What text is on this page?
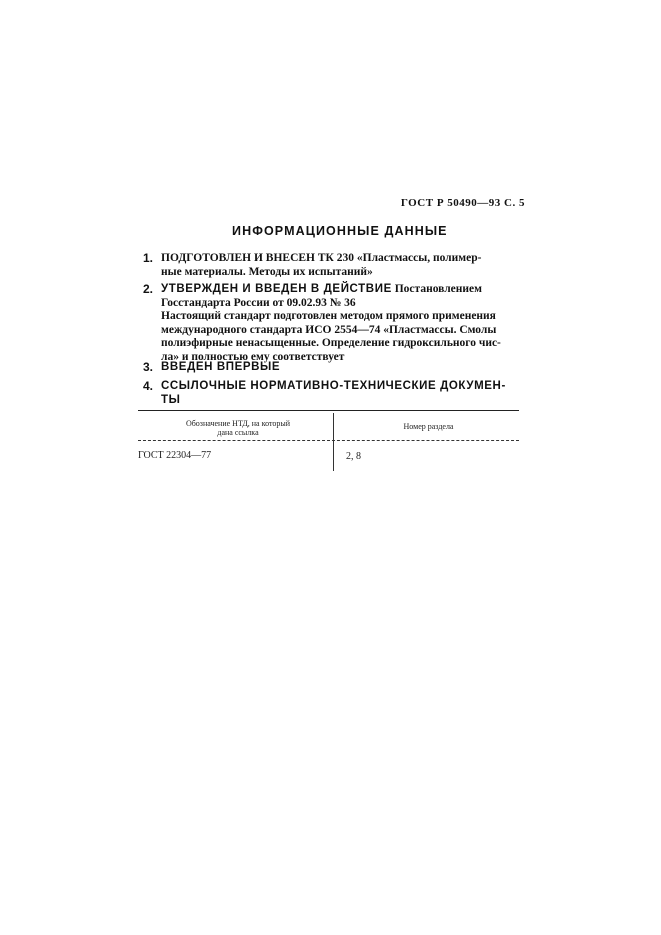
ГОСТ Р 50490—93 С. 5
ИНФОРМАЦИОННЫЕ ДАННЫЕ
1. ПОДГОТОВЛЕН И ВНЕСЕН ТК 230 «Пластмассы, полимер-
ные материалы. Методы их испытаний»
2. УТВЕРЖДЕН И ВВЕДЕН В ДЕЙСТВИЕ Постановлением
Госстандарта России от 09.02.93 № 36
Настоящий стандарт подготовлен методом прямого применения
международного стандарта ИСО 2554—74 «Пластмассы. Смолы
полиэфирные ненасыщенные. Определение гидроксильного чис-
ла» и полностью ему соответствует
3. ВВЕДЕН ВПЕРВЫЕ
4. ССЫЛОЧНЫЕ НОРМАТИВНО-ТЕХНИЧЕСКИЕ ДОКУМЕН-
ТЫ
Обозначение НТД, на который
дана ссылка
Номер раздела
ГОСТ 22304—77	2, 8
